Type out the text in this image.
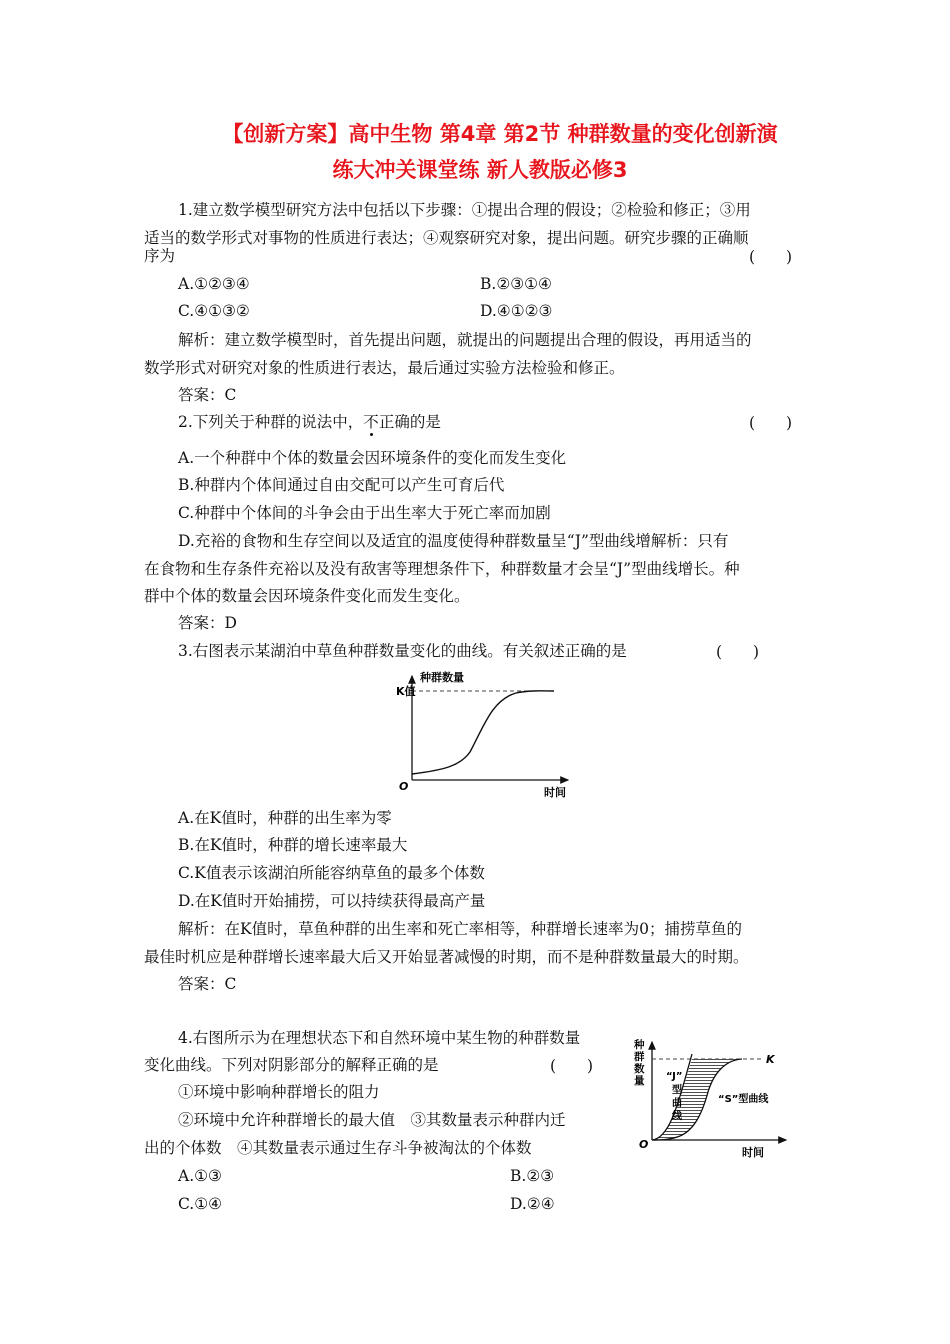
【创新方案】高中生物 第4章 第2节 种群数量的变化创新演
练大冲关课堂练 新人教版必修3
1.建立数学模型研究方法中包括以下步骤：①提出合理的假设；②检验和修正；③用
适当的数学形式对事物的性质进行表达；④观察研究对象，提出问题。研究步骤的正确顺
序为	(　　)
A.①②③④	B.②③①④
C.④①③②	D.④①②③
解析：建立数学模型时，首先提出问题，就提出的问题提出合理的假设，再用适当的
数学形式对研究对象的性质进行表达，最后通过实验方法检验和修正。
答案：C
2.下列关于种群的说法中，不正确的是	(　　)
A.一个种群中个体的数量会因环境条件的变化而发生变化
B.种群内个体间通过自由交配可以产生可育后代
C.种群中个体间的斗争会由于出生率大于死亡率而加剧
D.充裕的食物和生存空间以及适宜的温度使得种群数量呈“J”型曲线增解析：只有
在食物和生存条件充裕以及没有敌害等理想条件下，种群数量才会呈“J”型曲线增长。种
群中个体的数量会因环境条件变化而发生变化。
答案：D
3.右图表示某湖泊中草鱼种群数量变化的曲线。有关叙述正确的是	(　　)
种群数量
K值
O	时间
A.在K值时，种群的出生率为零
B.在K值时，种群的增长速率最大
C.K值表示该湖泊所能容纳草鱼的最多个体数
D.在K值时开始捕捞，可以持续获得最高产量
解析：在K值时，草鱼种群的出生率和死亡率相等，种群增长速率为0；捕捞草鱼的
最佳时机应是种群增长速率最大后又开始显著减慢的时期，而不是种群数量最大的时期。
答案：C
4.右图所示为在理想状态下和自然环境中某生物的种群数量
变化曲线。下列对阴影部分的解释正确的是	(　　)
①环境中影响种群增长的阻力
②环境中允许种群增长的最大值　③其数量表示种群内迁
出的个体数　④其数量表示通过生存斗争被淘汰的个体数
A.①③	B.②③
C.①④	D.②④
种
群
数
量
K
“J”
型
曲
线
“S”型曲线
O
时间
